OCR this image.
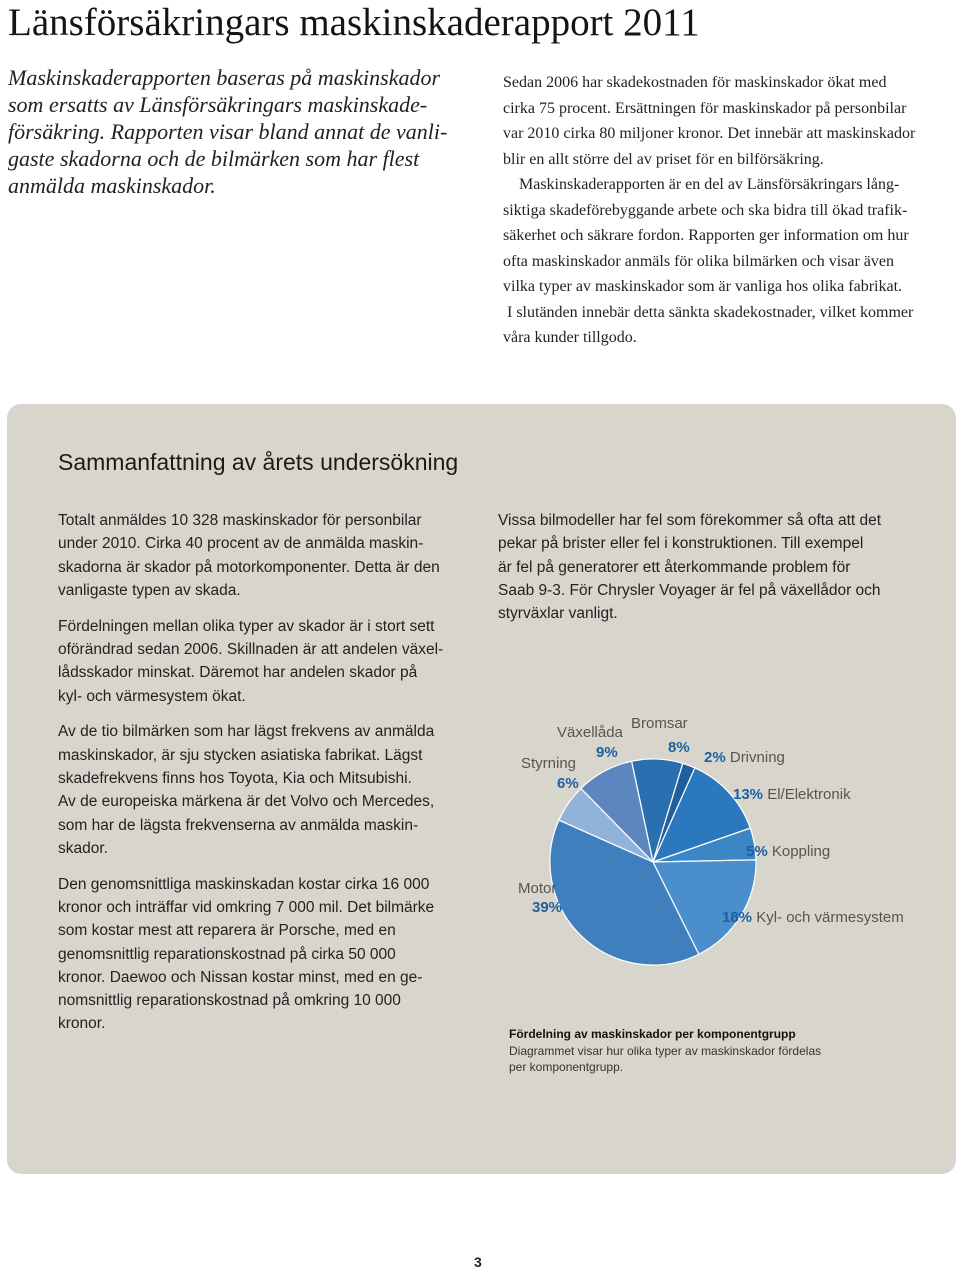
Länsförsäkringars maskinskaderapport 2011
Maskinskaderapporten baseras på maskinskador
som ersatts av Länsförsäkringars maskinskade-
försäkring. Rapporten visar bland annat de vanli-
gaste skadorna och de bilmärken som har flest
anmälda maskinskador.
Sedan 2006 har skadekostnaden för maskinskador ökat med
cirka 75 procent. Ersättningen för maskinskador på personbilar
var 2010 cirka 80 miljoner kronor. Det innebär att maskinskador
blir en allt större del av priset för en bilförsäkring.
Maskinskaderapporten är en del av Länsförsäkringars lång-
siktiga skadeförebyggande arbete och ska bidra till ökad trafik-
säkerhet och säkrare fordon. Rapporten ger information om hur
ofta maskinskador anmäls för olika bilmärken och visar även
vilka typer av maskinskador som är vanliga hos olika fabrikat.
I slutänden innebär detta sänkta skadekostnader, vilket kommer
våra kunder tillgodo.
Sammanfattning av årets undersökning
Totalt anmäldes 10 328 maskinskador för personbilar
under 2010. Cirka 40 procent av de anmälda maskin-
skadorna är skador på motorkomponenter. Detta är den
vanligaste typen av skada.
Fördelningen mellan olika typer av skador är i stort sett
oförändrad sedan 2006. Skillnaden är att andelen växel-
lådsskador minskat. Däremot har andelen skador på
kyl- och värmesystem ökat.
Av de tio bilmärken som har lägst frekvens av anmälda
maskinskador, är sju stycken asiatiska fabrikat. Lägst
skadefrekvens finns hos Toyota, Kia och Mitsubishi.
Av de europeiska märkena är det Volvo och Mercedes,
som har de lägsta frekvenserna av anmälda maskin-
skador.
Den genomsnittliga maskinskadan kostar cirka 16 000
kronor och inträffar vid omkring 7 000 mil. Det bilmärke
som kostar mest att reparera är Porsche, med en
genomsnittlig reparationskostnad på cirka 50 000
kronor. Daewoo och Nissan kostar minst, med en ge-
nomsnittlig reparationskostnad på omkring 10 000
kronor.
Vissa bilmodeller har fel som förekommer så ofta att det
pekar på brister eller fel i konstruktionen. Till exempel
är fel på generatorer ett återkommande problem för
Saab 9-3. För Chrysler Voyager är fel på växellådor och
styrväxlar vanligt.
Bromsar
8%
2% Drivning
13% El/Elektronik
5% Koppling
18% Kyl- och värmesystem
Motor
39%
Styrning
6%
Växellåda
9%
Fördelning av maskinskador per komponentgrupp
Diagrammet visar hur olika typer av maskinskador fördelas
per komponentgrupp.
3
